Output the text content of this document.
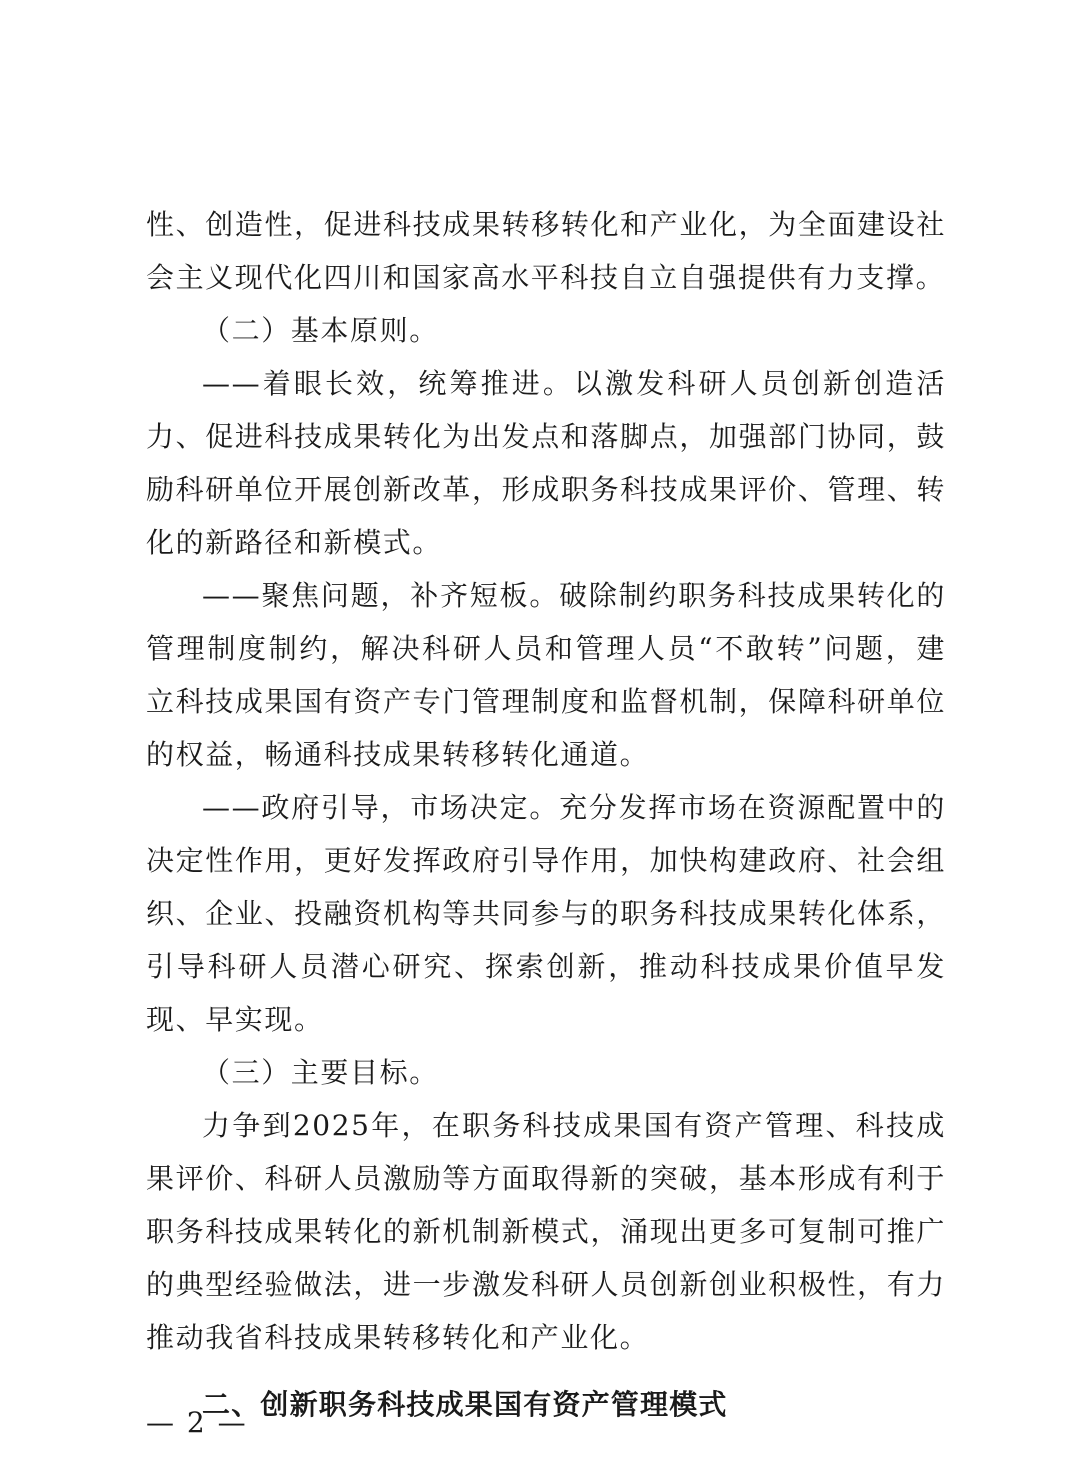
性、创造性，促进科技成果转移转化和产业化，为全面建设社会主义现代化四川和国家高水平科技自立自强提供有力支撑。

（二）基本原则。

——着眼长效，统筹推进。以激发科研人员创新创造活力、促进科技成果转化为出发点和落脚点，加强部门协同，鼓励科研单位开展创新改革，形成职务科技成果评价、管理、转化的新路径和新模式。

——聚焦问题，补齐短板。破除制约职务科技成果转化的管理制度制约，解决科研人员和管理人员“不敢转”问题，建立科技成果国有资产专门管理制度和监督机制，保障科研单位的权益，畅通科技成果转移转化通道。

——政府引导，市场决定。充分发挥市场在资源配置中的决定性作用，更好发挥政府引导作用，加快构建政府、社会组织、企业、投融资机构等共同参与的职务科技成果转化体系，引导科研人员潜心研究、探索创新，推动科技成果价值早发现、早实现。

（三）主要目标。

力争到2025年，在职务科技成果国有资产管理、科技成果评价、科研人员激励等方面取得新的突破，基本形成有利于职务科技成果转化的新机制新模式，涌现出更多可复制可推广的典型经验做法，进一步激发科研人员创新创业积极性，有力推动我省科技成果转移转化和产业化。

二、创新职务科技成果国有资产管理模式

— 2 —
